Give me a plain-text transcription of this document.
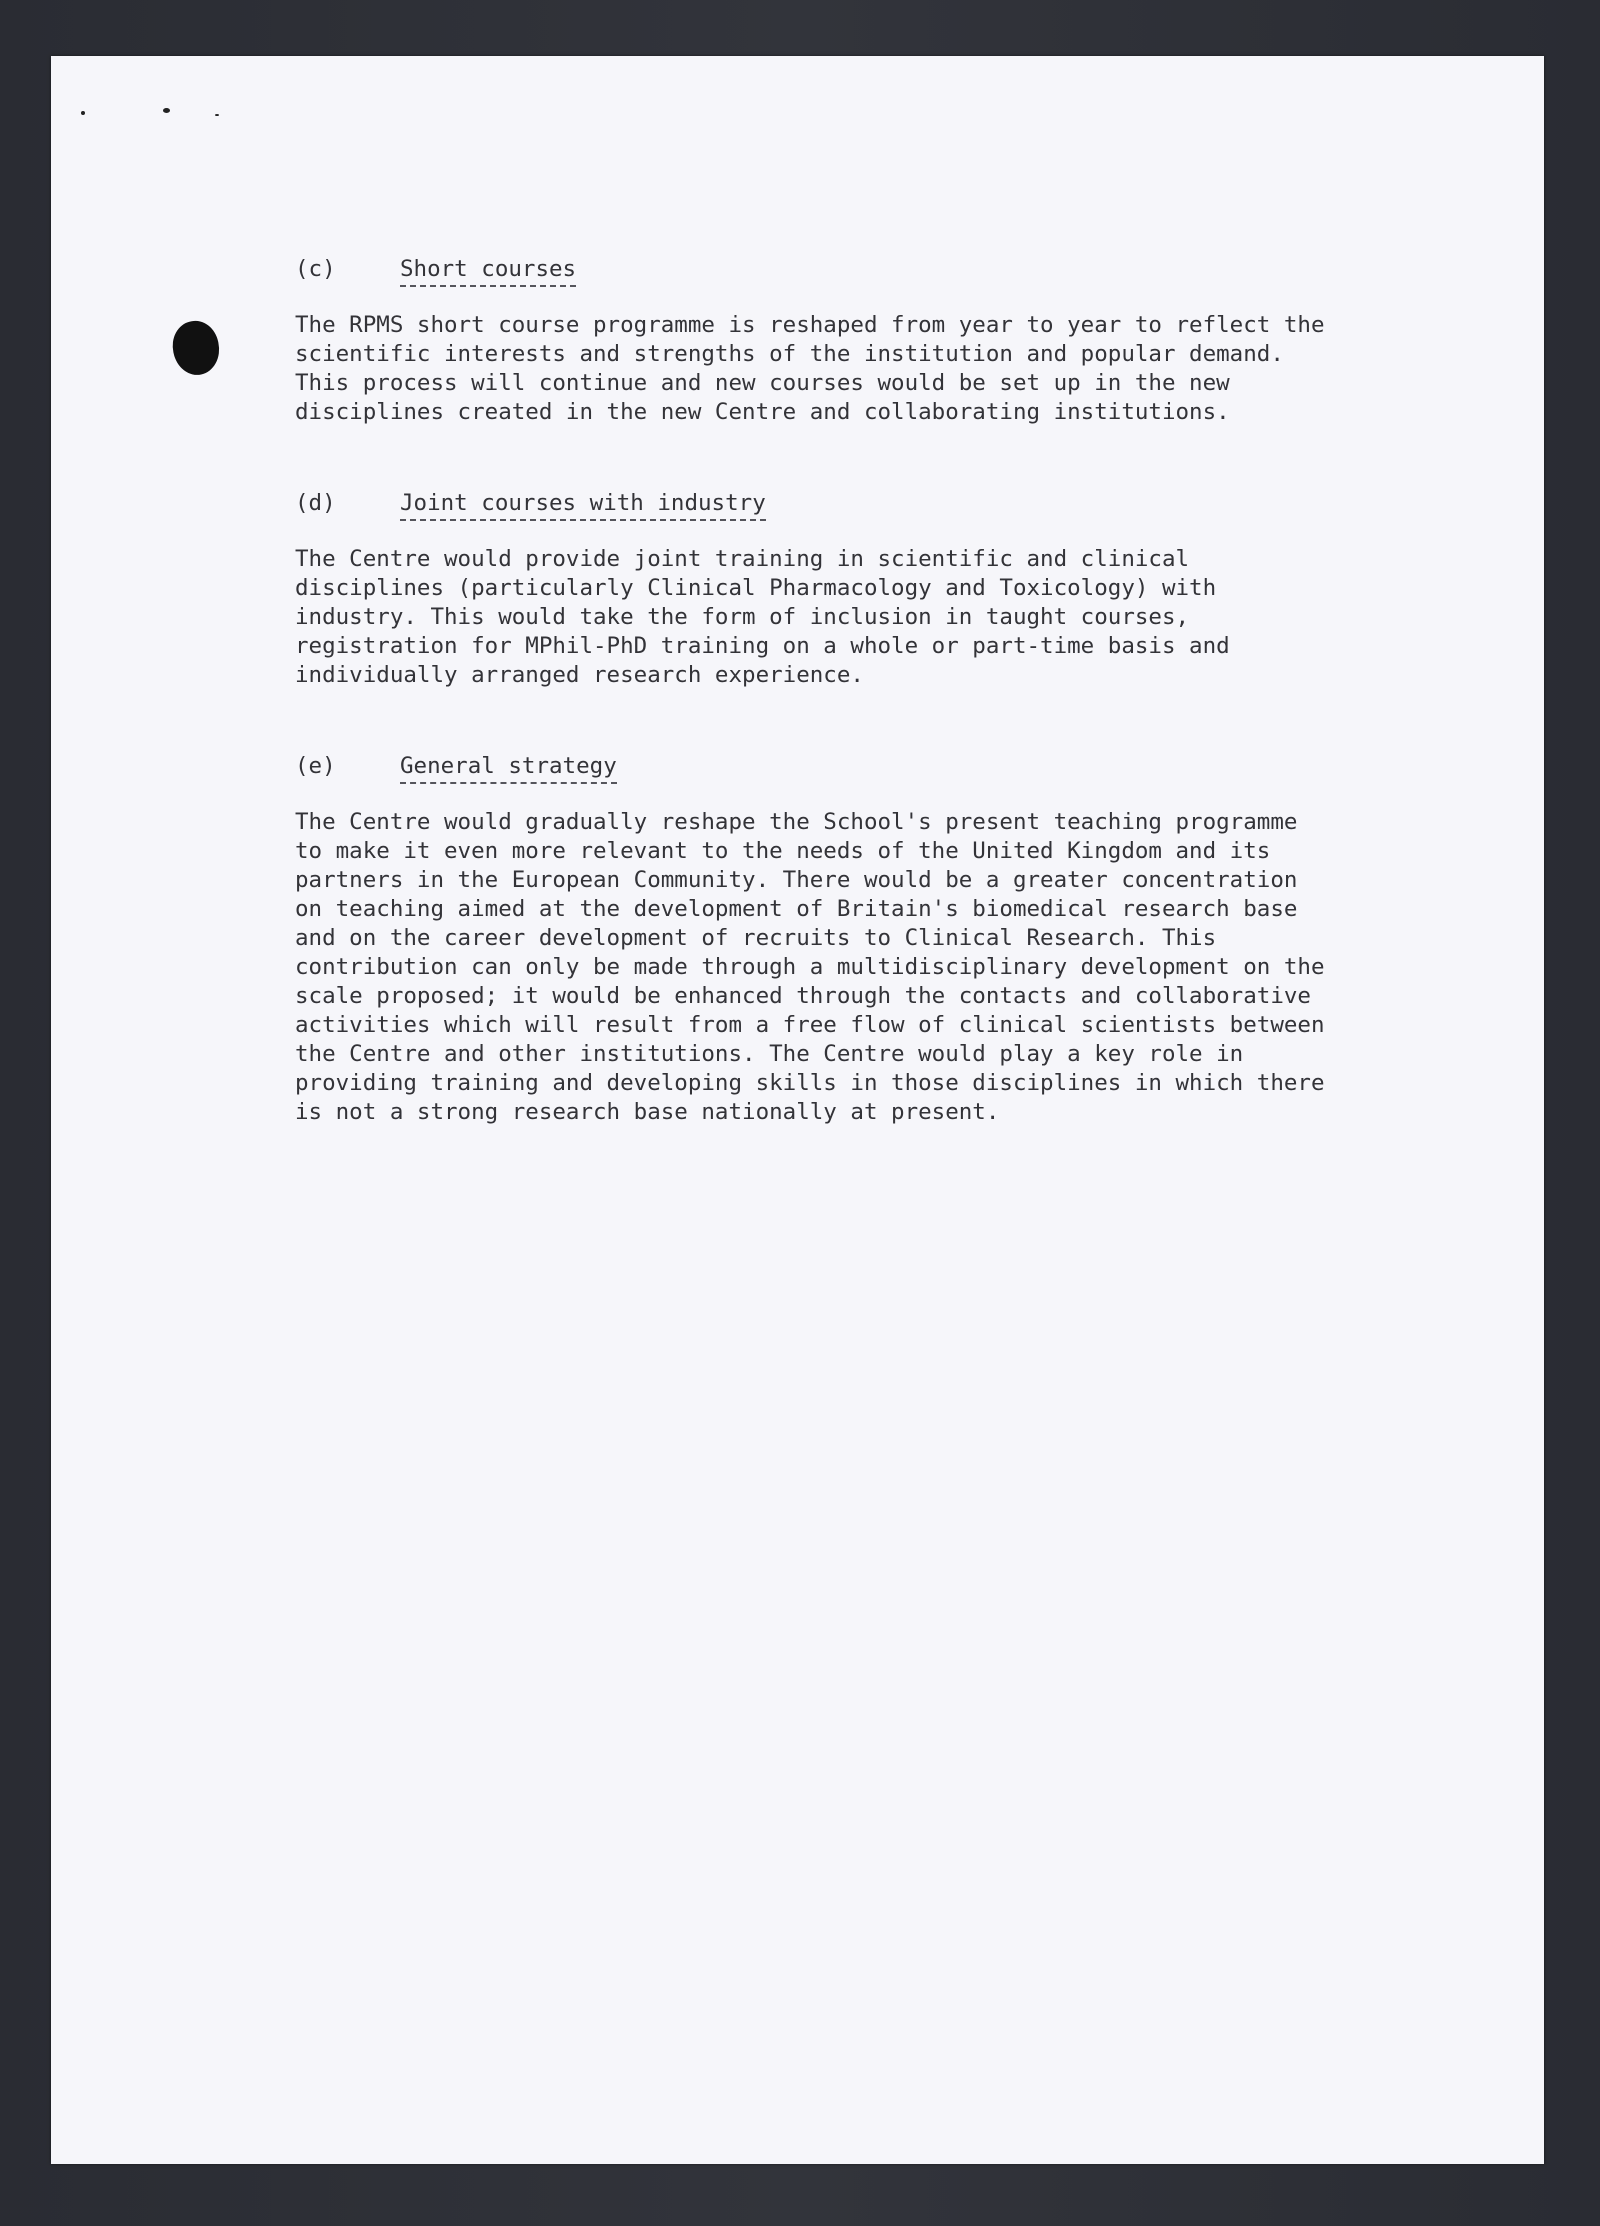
(c)	Short courses

The RPMS short course programme is reshaped from year to year to reflect the
scientific interests and strengths of the institution and popular demand.
This process will continue and new courses would be set up in the new
disciplines created in the new Centre and collaborating institutions.

(d)	Joint courses with industry

The Centre would provide joint training in scientific and clinical
disciplines (particularly Clinical Pharmacology and Toxicology) with
industry. This would take the form of inclusion in taught courses,
registration for MPhil-PhD training on a whole or part-time basis and
individually arranged research experience.

(e)	General strategy

The Centre would gradually reshape the School's present teaching programme
to make it even more relevant to the needs of the United Kingdom and its
partners in the European Community. There would be a greater concentration
on teaching aimed at the development of Britain's biomedical research base
and on the career development of recruits to Clinical Research. This
contribution can only be made through a multidisciplinary development on the
scale proposed; it would be enhanced through the contacts and collaborative
activities which will result from a free flow of clinical scientists between
the Centre and other institutions. The Centre would play a key role in
providing training and developing skills in those disciplines in which there
is not a strong research base nationally at present.
